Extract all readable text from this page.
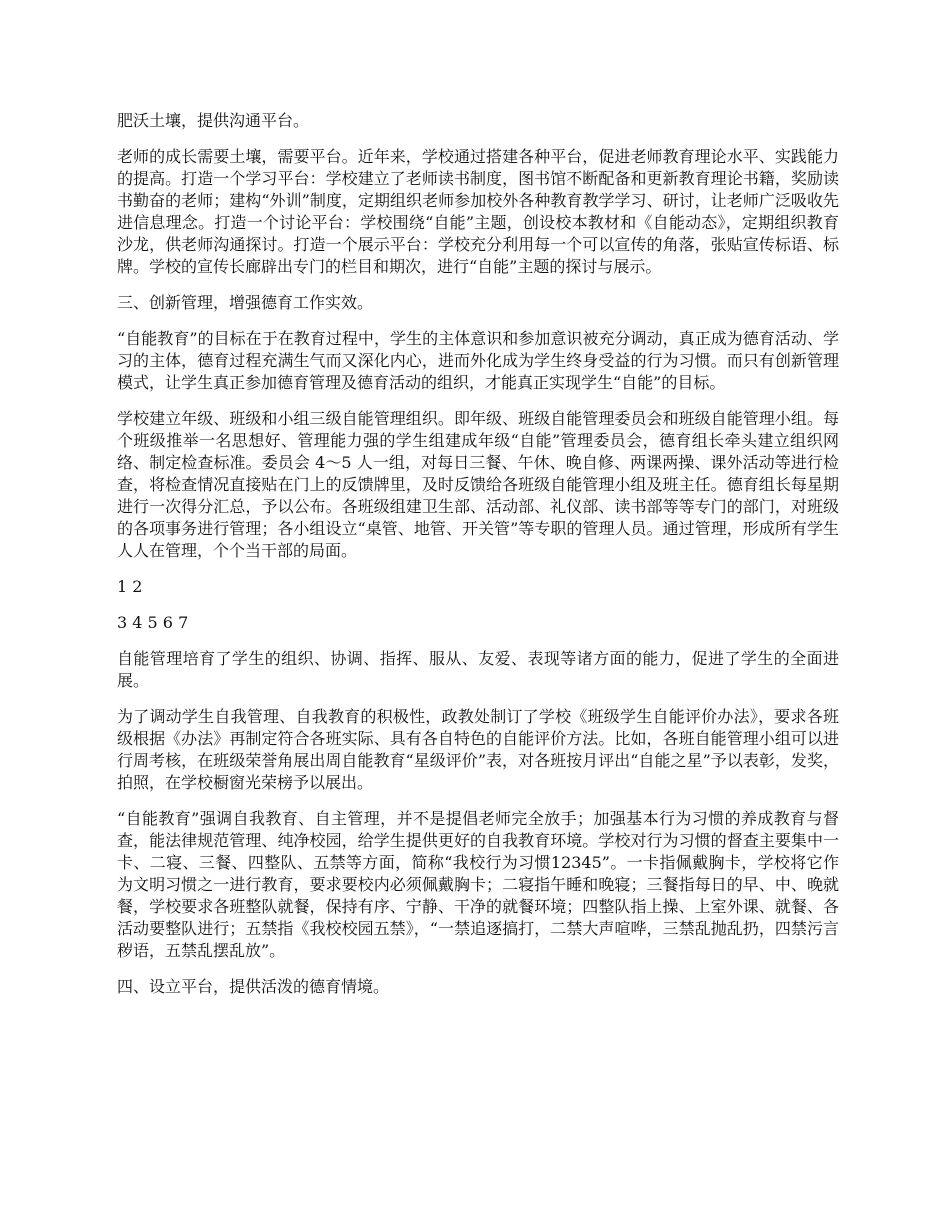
肥沃土壤，提供沟通平台。

老师的成长需要土壤，需要平台。近年来，学校通过搭建各种平台，促进老师教育理论水平、实践能力的提高。打造一个学习平台：学校建立了老师读书制度，图书馆不断配备和更新教育理论书籍，奖励读书勤奋的老师；建构“外训”制度，定期组织老师参加校外各种教育教学学习、研讨，让老师广泛吸收先进信息理念。打造一个讨论平台：学校围绕“自能”主题，创设校本教材和《自能动态》，定期组织教育沙龙，供老师沟通探讨。打造一个展示平台：学校充分利用每一个可以宣传的角落，张贴宣传标语、标牌。学校的宣传长廊辟出专门的栏目和期次，进行“自能”主题的探讨与展示。

三、创新管理，增强德育工作实效。

“自能教育”的目标在于在教育过程中，学生的主体意识和参加意识被充分调动，真正成为德育活动、学习的主体，德育过程充满生气而又深化内心，进而外化成为学生终身受益的行为习惯。而只有创新管理模式，让学生真正参加德育管理及德育活动的组织，才能真正实现学生“自能”的目标。

学校建立年级、班级和小组三级自能管理组织。即年级、班级自能管理委员会和班级自能管理小组。每个班级推举一名思想好、管理能力强的学生组建成年级“自能”管理委员会，德育组长牵头建立组织网络、制定检查标准。委员会 4～5 人一组，对每日三餐、午休、晚自修、两课两操、课外活动等进行检查，将检查情况直接贴在门上的反馈牌里，及时反馈给各班级自能管理小组及班主任。德育组长每星期进行一次得分汇总，予以公布。各班级组建卫生部、活动部、礼仪部、读书部等等专门的部门，对班级的各项事务进行管理；各小组设立“桌管、地管、开关管”等专职的管理人员。通过管理，形成所有学生人人在管理，个个当干部的局面。

1 2

3 4 5 6 7

自能管理培育了学生的组织、协调、指挥、服从、友爱、表现等诸方面的能力，促进了学生的全面进展。

为了调动学生自我管理、自我教育的积极性，政教处制订了学校《班级学生自能评价办法》，要求各班级根据《办法》再制定符合各班实际、具有各自特色的自能评价方法。比如，各班自能管理小组可以进行周考核，在班级荣誉角展出周自能教育“星级评价”表，对各班按月评出“自能之星”予以表彰，发奖，拍照，在学校橱窗光荣榜予以展出。

“自能教育”强调自我教育、自主管理，并不是提倡老师完全放手；加强基本行为习惯的养成教育与督查，能法律规范管理、纯净校园，给学生提供更好的自我教育环境。学校对行为习惯的督查主要集中一卡、二寝、三餐、四整队、五禁等方面，简称“我校行为习惯12345”。一卡指佩戴胸卡，学校将它作为文明习惯之一进行教育，要求要校内必须佩戴胸卡；二寝指午睡和晚寝；三餐指每日的早、中、晚就餐，学校要求各班整队就餐，保持有序、宁静、干净的就餐环境；四整队指上操、上室外课、就餐、各活动要整队进行；五禁指《我校校园五禁》，“一禁追逐搞打，二禁大声喧哗，三禁乱抛乱扔，四禁污言秽语，五禁乱摆乱放”。

四、设立平台，提供活泼的德育情境。
